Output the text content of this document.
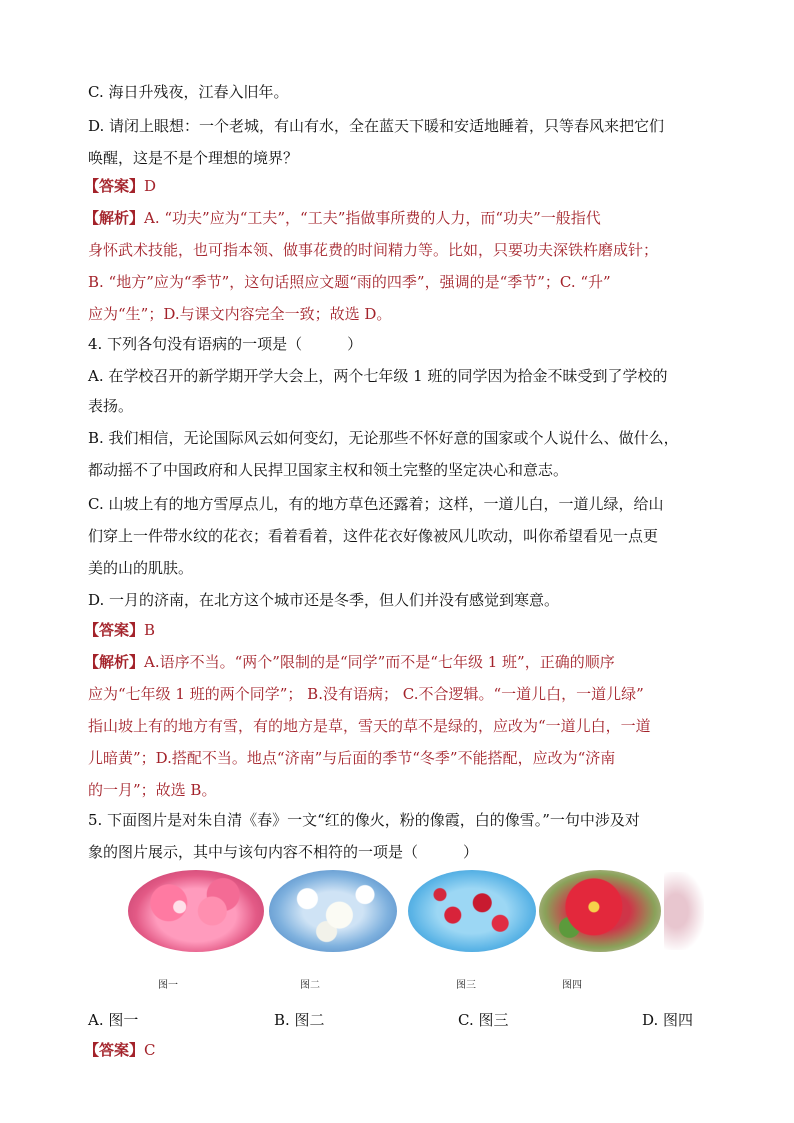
C. 海日升残夜，江春入旧年。
D. 请闭上眼想：一个老城，有山有水，全在蓝天下暖和安适地睡着，只等春风来把它们
唤醒，这是不是个理想的境界？
【答案】D
【解析】A. “功夫”应为“工夫”，“工夫”指做事所费的人力，而“功夫”一般指代
身怀武术技能，也可指本领、做事花费的时间精力等。比如，只要功夫深铁杵磨成针；
B. “地方”应为“季节”，这句话照应文题“雨的四季”，强调的是“季节”；C. “升”
应为“生”；D.与课文内容完全一致；故选 D。
4. 下列各句没有语病的一项是（　　　）
A. 在学校召开的新学期开学大会上，两个七年级 1 班的同学因为拾金不昧受到了学校的
表扬。
B. 我们相信，无论国际风云如何变幻，无论那些不怀好意的国家或个人说什么、做什么，
都动摇不了中国政府和人民捍卫国家主权和领土完整的坚定决心和意志。
C. 山坡上有的地方雪厚点儿，有的地方草色还露着；这样，一道儿白，一道儿绿，给山
们穿上一件带水纹的花衣；看着看着，这件花衣好像被风儿吹动，叫你希望看见一点更
美的山的肌肤。
D. 一月的济南，在北方这个城市还是冬季，但人们并没有感觉到寒意。
【答案】B
【解析】A.语序不当。“两个”限制的是“同学”而不是“七年级 1 班”，正确的顺序
应为“七年级 1 班的两个同学”； B.没有语病； C.不合逻辑。“一道儿白，一道儿绿”
指山坡上有的地方有雪，有的地方是草，雪天的草不是绿的，应改为“一道儿白，一道
儿暗黄”；D.搭配不当。地点“济南”与后面的季节“冬季”不能搭配，应改为“济南
的一月”；故选 B。
5. 下面图片是对朱自清《春》一文“红的像火，粉的像霞，白的像雪。”一句中涉及对
象的图片展示，其中与该句内容不相符的一项是（　　　）
图一	图二	图三	图四
A. 图一	B. 图二	C. 图三	D. 图四
【答案】C
